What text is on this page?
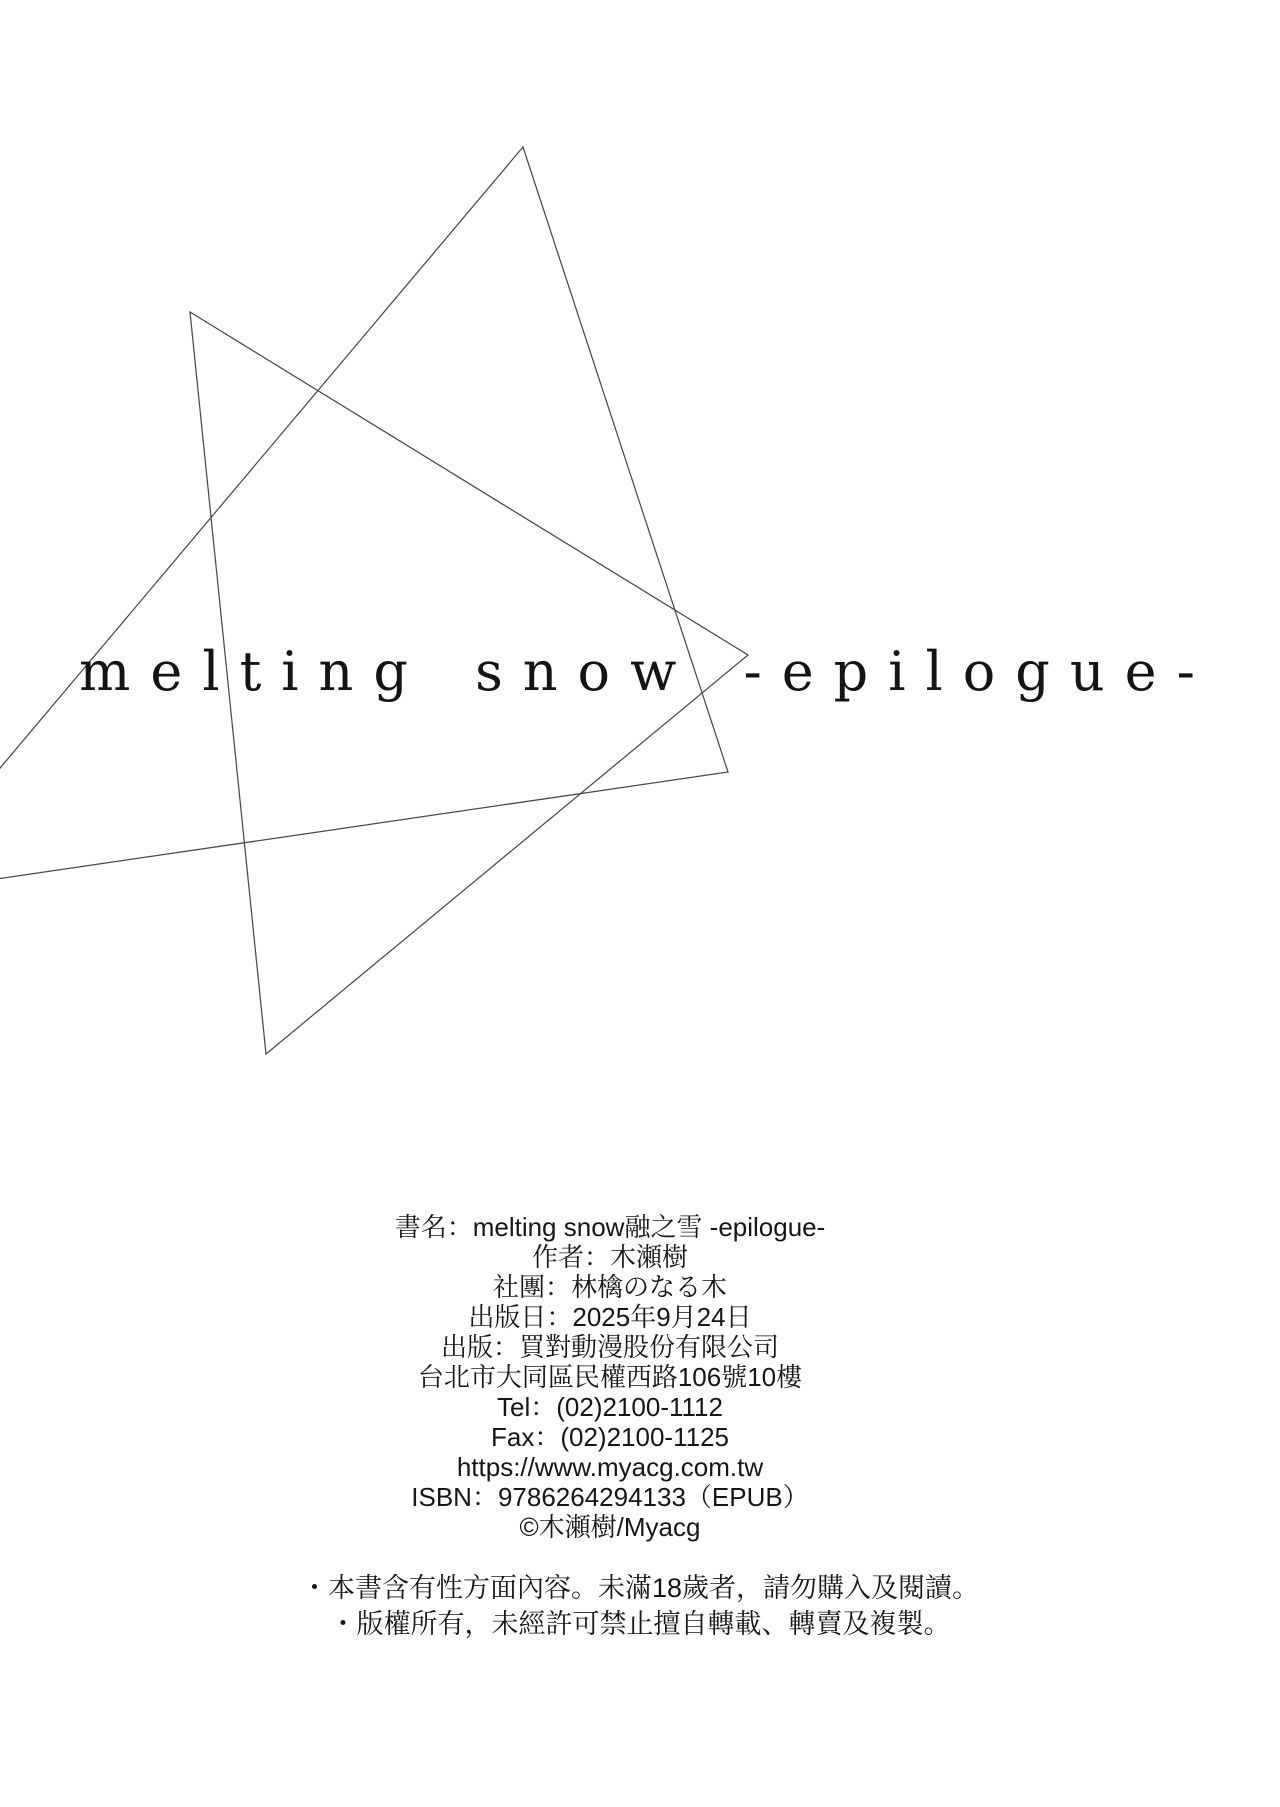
melting snow -epilogue-
書名：melting snow融之雪 -epilogue-
作者：木瀬樹
社團：林檎のなる木
出版日：2025年9月24日
出版：買對動漫股份有限公司
台北市大同區民權西路106號10樓
Tel：(02)2100-1112
Fax：(02)2100-1125
https://www.myacg.com.tw
ISBN：9786264294133（EPUB）
©木瀬樹/Myacg
・本書含有性方面內容。未滿18歲者，請勿購入及閱讀。
・版權所有，未經許可禁止擅自轉載、轉賣及複製。
